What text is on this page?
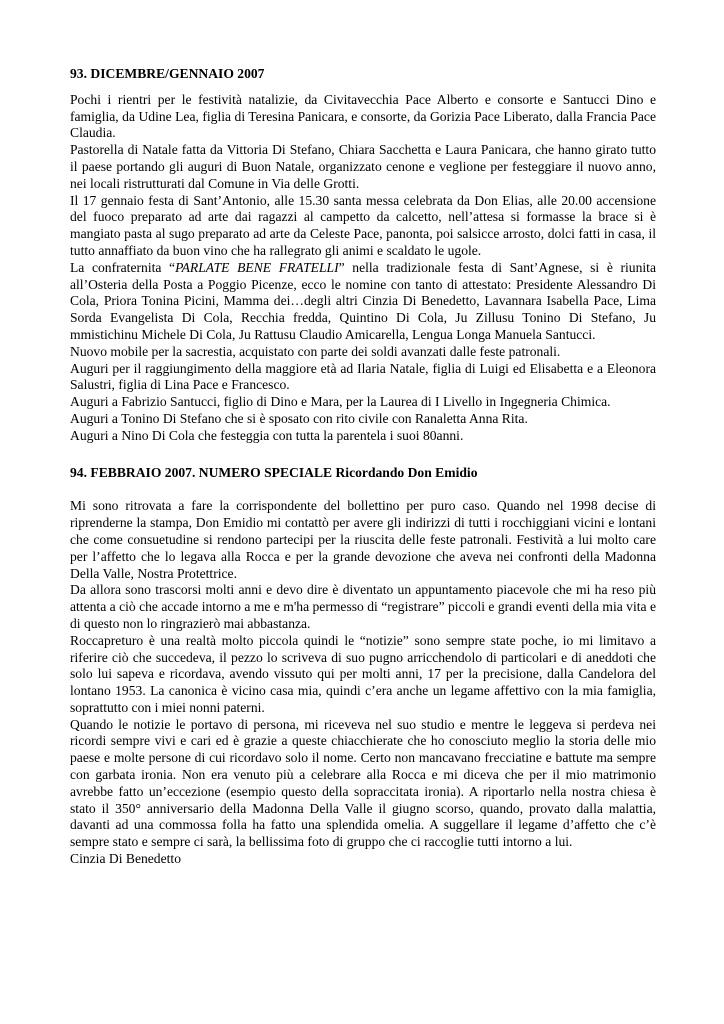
93. DICEMBRE/GENNAIO 2007

Pochi i rientri per le festività natalizie, da Civitavecchia Pace Alberto e consorte e Santucci Dino e famiglia, da Udine Lea, figlia di Teresina Panicara, e consorte, da Gorizia Pace Liberato, dalla Francia Pace Claudia.

Pastorella di Natale fatta da Vittoria Di Stefano, Chiara Sacchetta e Laura Panicara, che hanno girato tutto il paese portando gli auguri di Buon Natale, organizzato cenone e veglione per festeggiare il nuovo anno, nei locali ristrutturati dal Comune in Via delle Grotti.

Il 17 gennaio festa di Sant’Antonio, alle 15.30 santa messa celebrata da Don Elias, alle 20.00 accensione del fuoco preparato ad arte dai ragazzi al campetto da calcetto, nell’attesa si formasse la brace si è mangiato pasta al sugo preparato ad arte da Celeste Pace, panonta, poi salsicce arrosto, dolci fatti in casa, il tutto annaffiato da buon vino che ha rallegrato gli animi e scaldato le ugole.

La confraternita “PARLATE BENE FRATELLI” nella tradizionale festa di Sant’Agnese, si è riunita all’Osteria della Posta a Poggio Picenze, ecco le nomine con tanto di attestato: Presidente Alessandro Di Cola, Priora Tonina Picini, Mamma dei…degli altri Cinzia Di Benedetto, Lavannara Isabella Pace, Lima Sorda Evangelista Di Cola, Recchia fredda, Quintino Di Cola, Ju Zillusu Tonino Di Stefano, Ju mmistichinu Michele Di Cola, Ju Rattusu Claudio Amicarella, Lengua Longa Manuela Santucci.

Nuovo mobile per la sacrestia, acquistato con parte dei soldi avanzati dalle feste patronali.

Auguri per il raggiungimento della maggiore età ad Ilaria Natale, figlia di Luigi ed Elisabetta e a Eleonora Salustri, figlia di Lina Pace e Francesco.

Auguri a Fabrizio Santucci, figlio di Dino e Mara, per la Laurea di I Livello in Ingegneria Chimica.

Auguri a Tonino Di Stefano che si è sposato con rito civile con Ranaletta Anna Rita.

Auguri a Nino Di Cola che festeggia con tutta la parentela i suoi 80anni.

94. FEBBRAIO 2007. NUMERO SPECIALE Ricordando Don Emidio

Mi sono ritrovata a fare la corrispondente del bollettino per puro caso. Quando nel 1998 decise di riprenderne la stampa, Don Emidio mi contattò per avere gli indirizzi di tutti i rocchiggiani vicini e lontani che come consuetudine si rendono partecipi per la riuscita delle feste patronali. Festività a lui molto care per l’affetto che lo legava alla Rocca e per la grande devozione che aveva nei confronti della Madonna Della Valle, Nostra Protettrice.

Da allora sono trascorsi molti anni e devo dire è diventato un appuntamento piacevole che mi ha reso più attenta a ciò che accade intorno a me e m'ha permesso di “registrare” piccoli e grandi eventi della mia vita e di questo non lo ringrazierò mai abbastanza.

Roccapreturo è una realtà molto piccola quindi le “notizie” sono sempre state poche, io mi limitavo a riferire ciò che succedeva, il pezzo lo scriveva di suo pugno arricchendolo di particolari e di aneddoti che solo lui sapeva e ricordava, avendo vissuto qui per molti anni, 17 per la precisione, dalla Candelora del lontano 1953. La canonica è vicino casa mia, quindi c’era anche un legame affettivo con la mia famiglia, soprattutto con i miei nonni paterni.

Quando le notizie le portavo di persona, mi riceveva nel suo studio e mentre le leggeva si perdeva nei ricordi sempre vivi e cari ed è grazie a queste chiacchierate che ho conosciuto meglio la storia delle mio paese e molte persone di cui ricordavo solo il nome. Certo non mancavano frecciatine e battute ma sempre con garbata ironia. Non era venuto più a celebrare alla Rocca e mi diceva che per il mio matrimonio avrebbe fatto un’eccezione (esempio questo della sopraccitata ironia). A riportarlo nella nostra chiesa è stato il 350° anniversario della Madonna Della Valle il giugno scorso, quando, provato dalla malattia, davanti ad una commossa folla ha fatto una splendida omelia. A suggellare il legame d’affetto che c’è sempre stato e sempre ci sarà, la bellissima foto di gruppo che ci raccoglie tutti intorno a lui.

Cinzia Di Benedetto
